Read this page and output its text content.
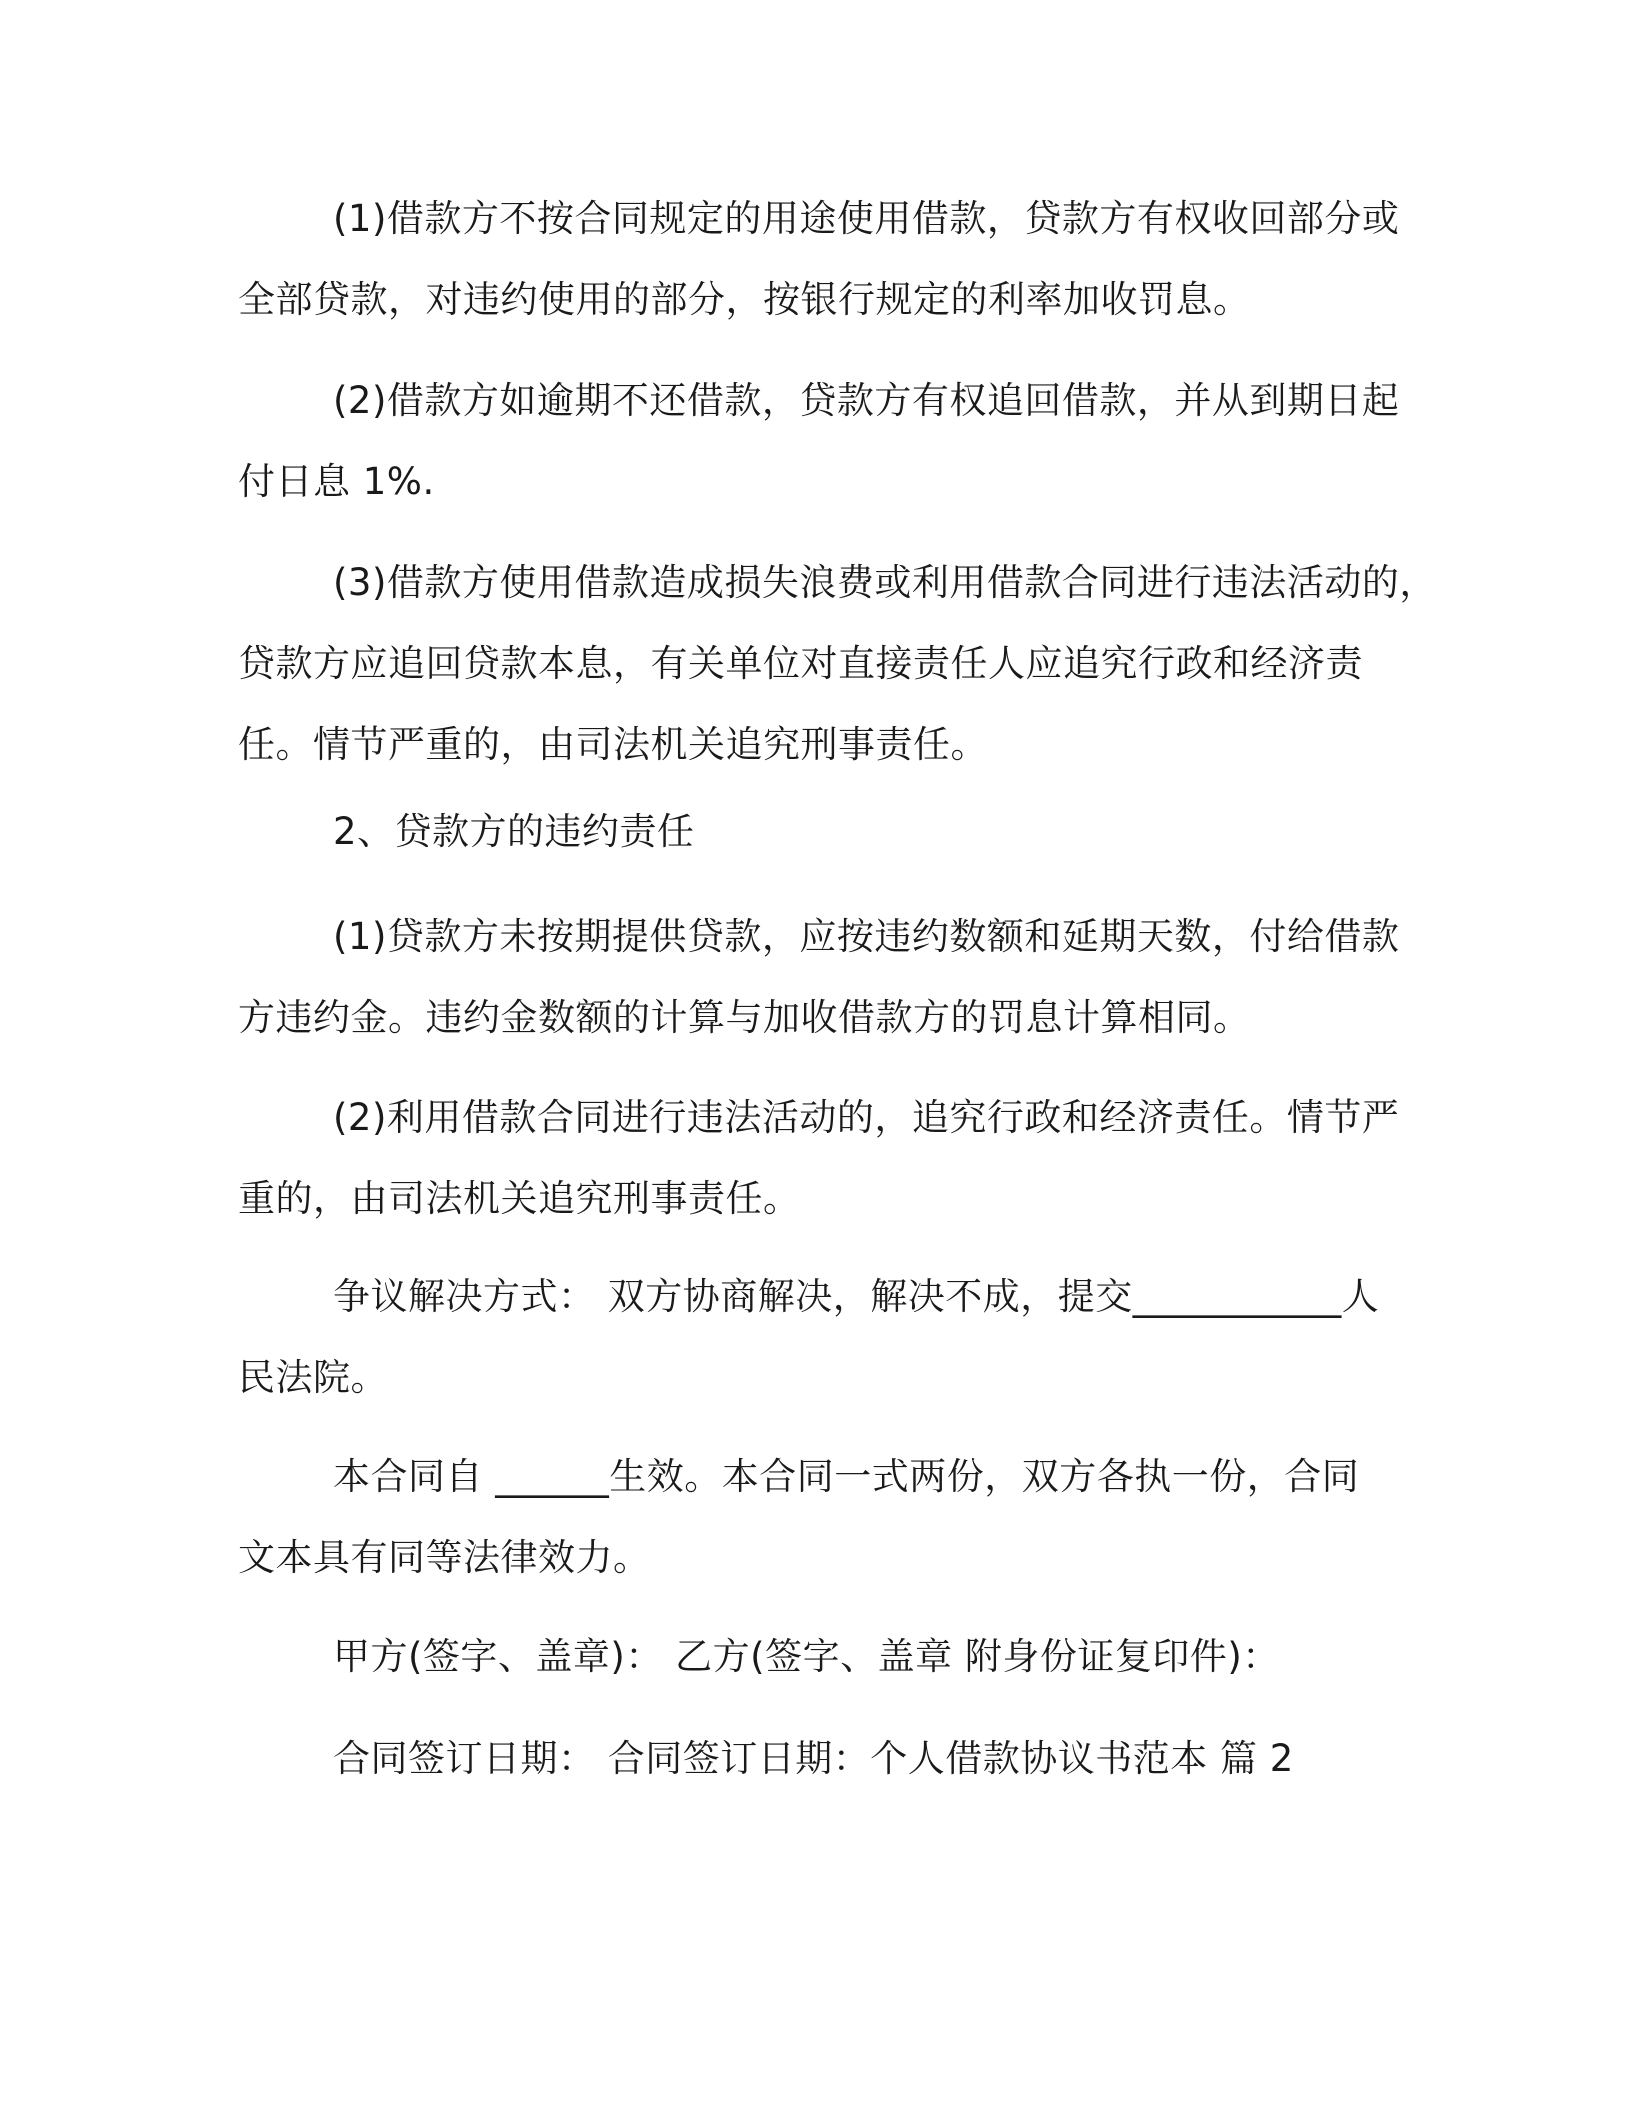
(1)借款方不按合同规定的用途使用借款，贷款方有权收回部分或
全部贷款，对违约使用的部分，按银行规定的利率加收罚息。
(2)借款方如逾期不还借款，贷款方有权追回借款，并从到期日起
付日息 1%.
(3)借款方使用借款造成损失浪费或利用借款合同进行违法活动的，
贷款方应追回贷款本息，有关单位对直接责任人应追究行政和经济责
任。情节严重的，由司法机关追究刑事责任。
2、贷款方的违约责任
(1)贷款方未按期提供贷款，应按违约数额和延期天数，付给借款
方违约金。违约金数额的计算与加收借款方的罚息计算相同。
(2)利用借款合同进行违法活动的，追究行政和经济责任。情节严
重的，由司法机关追究刑事责任。
争议解决方式： 双方协商解决，解决不成，提交___________人
民法院。
本合同自 ______生效。本合同一式两份，双方各执一份，合同
文本具有同等法律效力。
甲方(签字、盖章)： 乙方(签字、盖章 附身份证复印件)：
合同签订日期： 合同签订日期：个人借款协议书范本 篇 2
